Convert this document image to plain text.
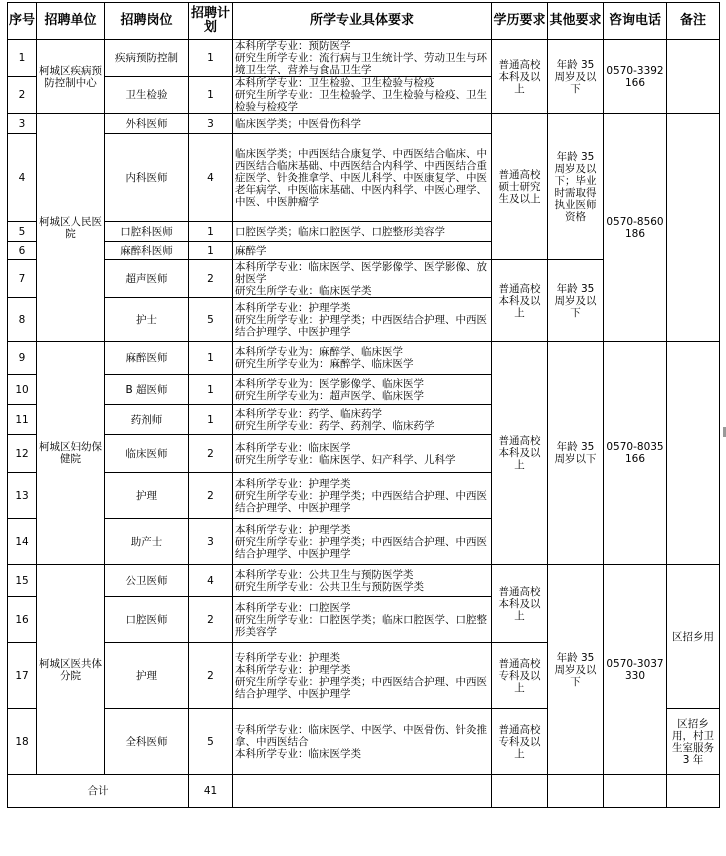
序号	招聘单位	招聘岗位	招聘计划	所学专业具体要求	学历要求	其他要求	咨询电话	备注
1	柯城区疾病预防控制中心	疾病预防控制	1	本科所学专业：预防医学
研究生所学专业：流行病与卫生统计学、劳动卫生与环境卫生学、营养与食品卫生学	普通高校本科及以上	年龄 35 周岁及以下	0570-3392166	
2		卫生检验	1	本科所学专业：卫生检验、卫生检验与检疫
研究生所学专业：卫生检验学、卫生检验与检疫、卫生检验与检疫学				
3	柯城区人民医院	外科医师	3	临床医学类；中医骨伤科学	普通高校硕士研究生及以上	年龄 35 周岁及以下；毕业时需取得执业医师资格	0570-8560186	
4		内科医师	4	临床医学类；中西医结合康复学、中西医结合临床、中西医结合临床基础、中西医结合内科学、中西医结合重症医学、针灸推拿学、中医儿科学、中医康复学、中医老年病学、中医临床基础、中医内科学、中医心理学、中医、中医肿瘤学				
5		口腔科医师	1	口腔医学类；临床口腔医学、口腔整形美容学				
6		麻醉科医师	1	麻醉学				
7		超声医师	2	本科所学专业：临床医学、医学影像学、医学影像、放射医学
研究生所学专业：临床医学类	普通高校本科及以上	年龄 35 周岁及以下		
8		护士	5	本科所学专业：护理学类
研究生所学专业：护理学类；中西医结合护理、中西医结合护理学、中医护理学				
9	柯城区妇幼保健院	麻醉医师	1	本科所学专业为：麻醉学、临床医学
研究生所学专业为：麻醉学、临床医学	普通高校本科及以上	年龄 35 周岁以下	0570-8035166	
10		B 超医师	1	本科所学专业为：医学影像学、临床医学
研究生所学专业为：超声医学、临床医学				
11		药剂师	1	本科所学专业：药学、临床药学
研究生所学专业：药学、药剂学、临床药学				
12		临床医师	2	本科所学专业：临床医学
研究生所学专业：临床医学、妇产科学、儿科学				
13		护理	2	本科所学专业：护理学类
研究生所学专业：护理学类；中西医结合护理、中西医结合护理学、中医护理学				
14		助产士	3	本科所学专业：护理学类
研究生所学专业：护理学类；中西医结合护理、中西医结合护理学、中医护理学				
15	柯城区医共体分院	公卫医师	4	本科所学专业：公共卫生与预防医学类
研究生所学专业：公共卫生与预防医学类	普通高校本科及以上	年龄 35 周岁及以下	0570-3037330	区招乡用
16		口腔医师	2	本科所学专业：口腔医学
研究生所学专业：口腔医学类；临床口腔医学、口腔整形美容学				
17		护理	2	专科所学专业：护理类
本科所学专业：护理学类
研究生所学专业：护理学类；中西医结合护理、中西医结合护理学、中医护理学	普通高校专科及以上			
18		全科医师	5	专科所学专业：临床医学、中医学、中医骨伤、针灸推拿、中西医结合
本科所学专业：临床医学类	普通高校专科及以上			区招乡用，村卫生室服务 3 年
合计			41					
